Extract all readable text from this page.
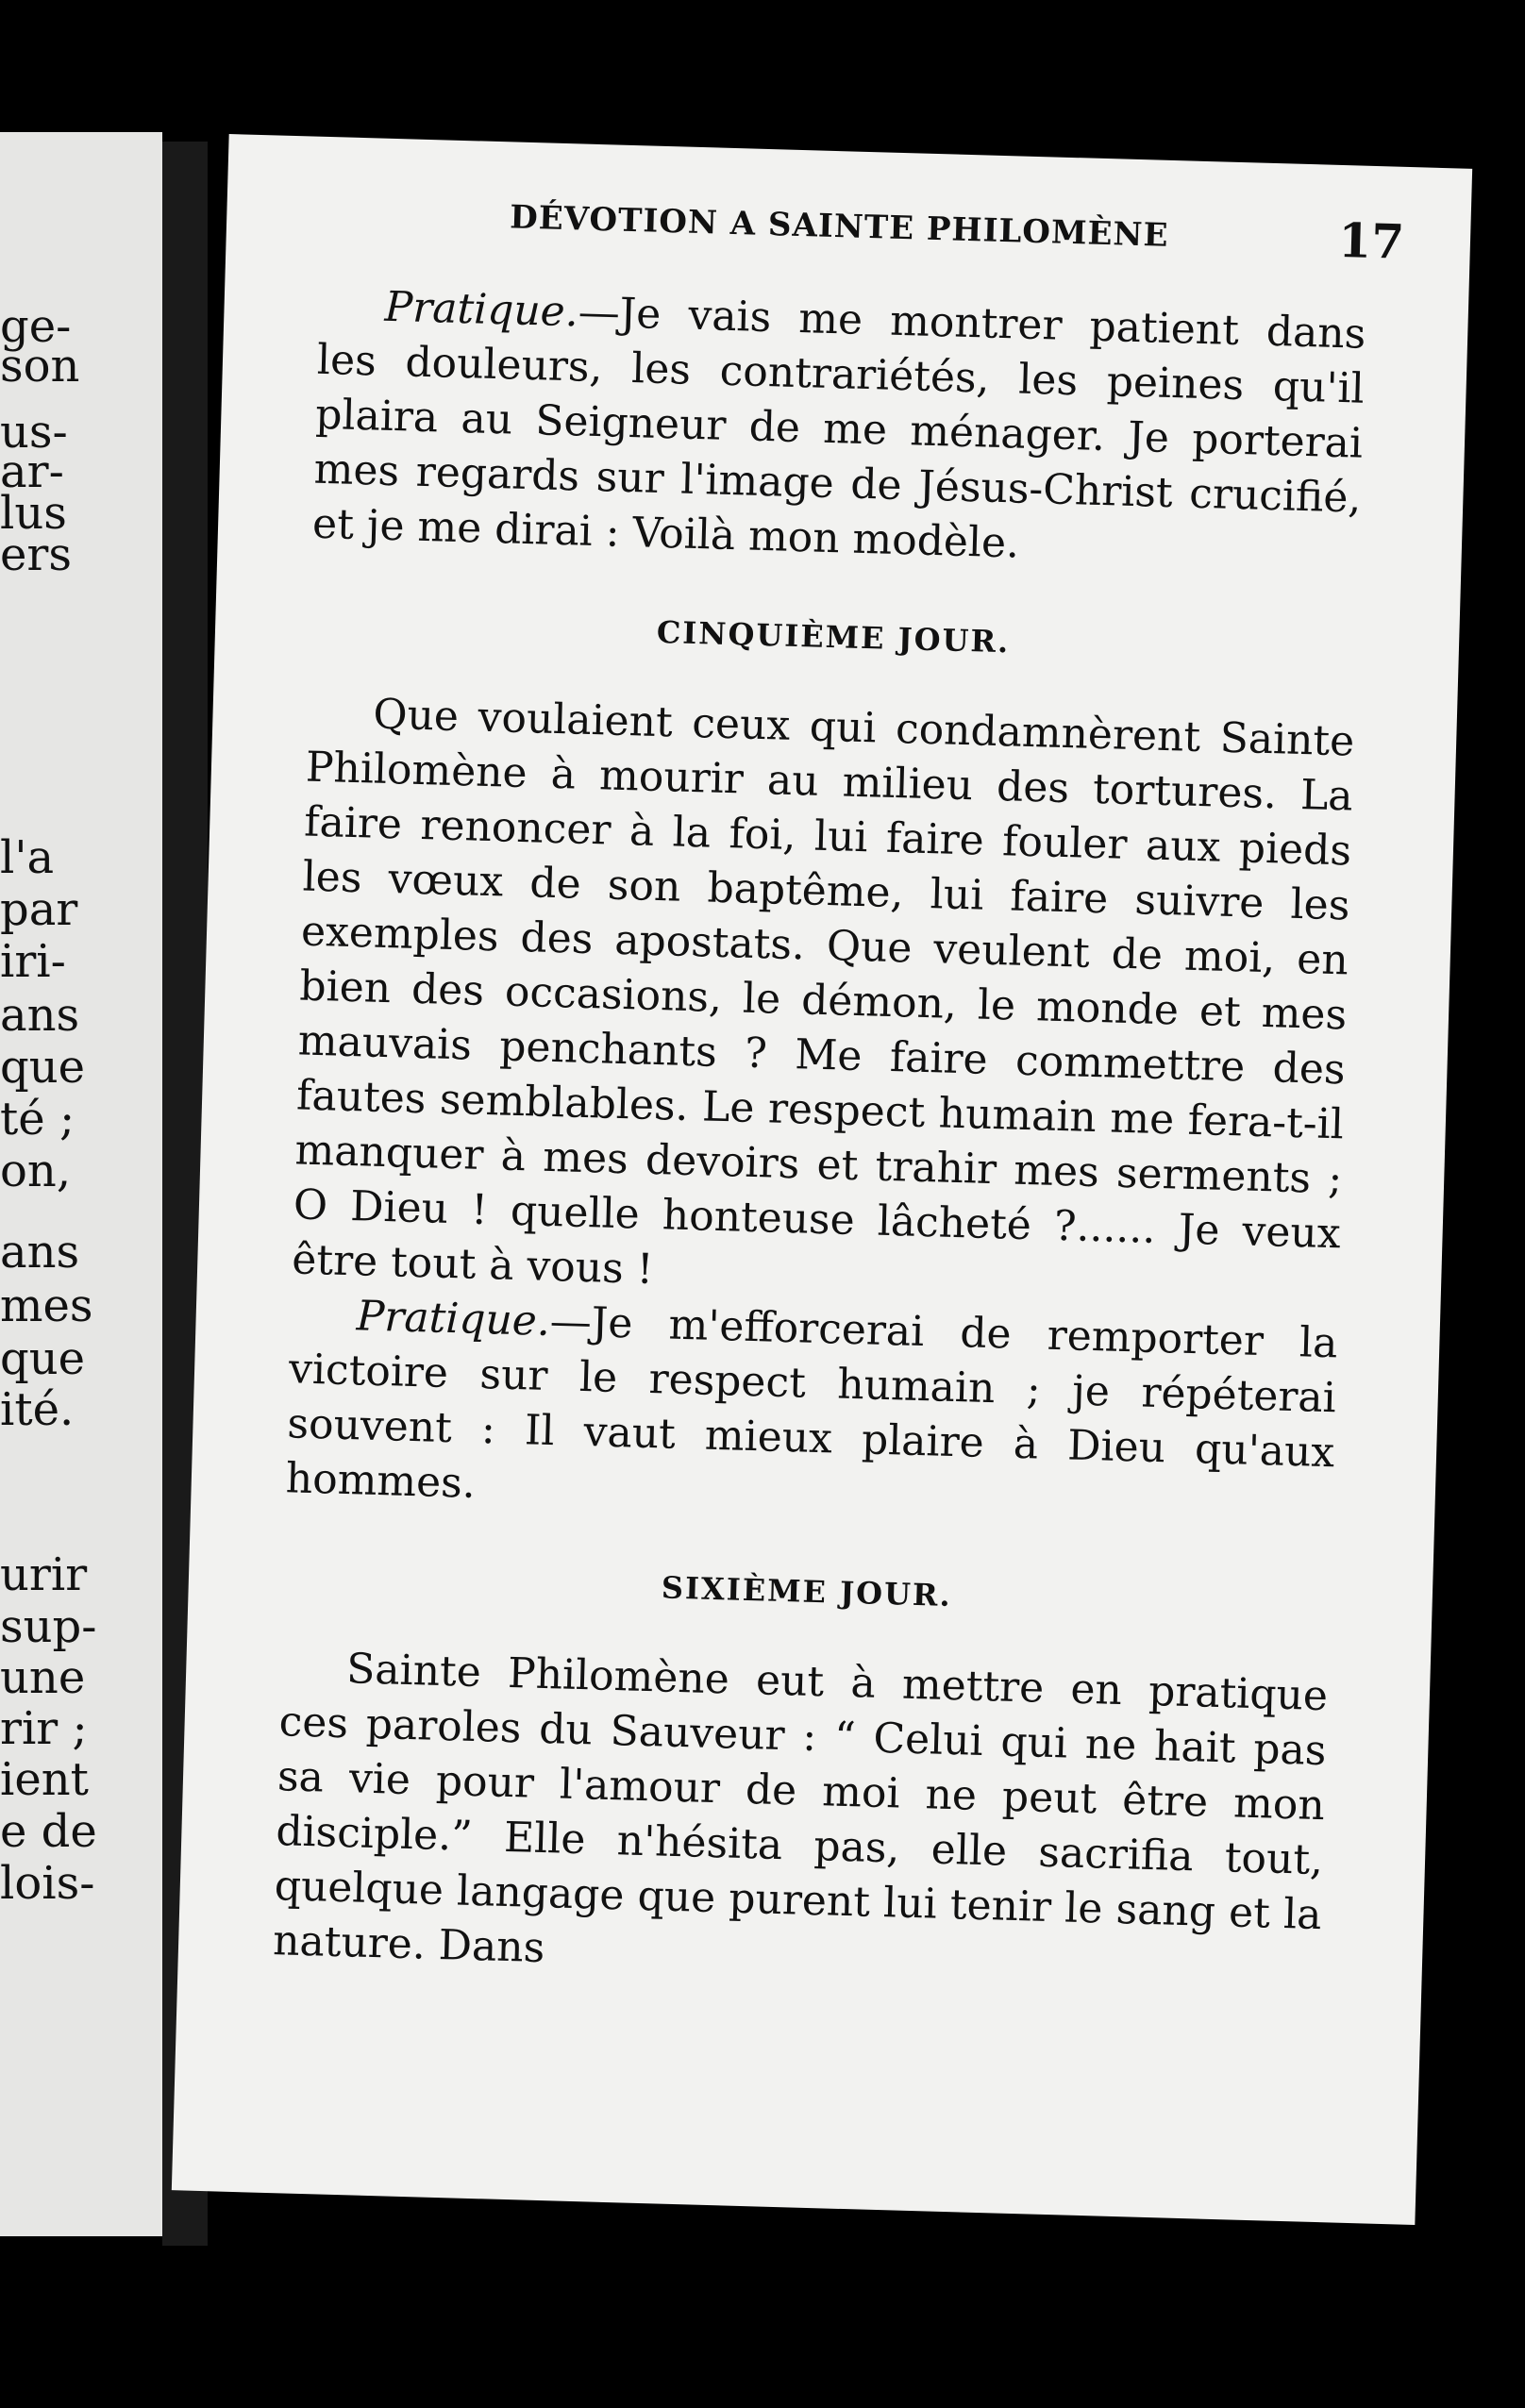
ge-
son
us-
ar-
lus
ers
l'a
par
iri-
ans
que
té ;
on,
ans
mes
que
ité.
urir
sup-
une
rir ;
ient
e de
lois-
DÉVOTION A SAINTE PHILOMÈNE	17

Pratique.—Je vais me montrer patient dans les douleurs, les contrariétés, les peines qu'il plaira au Seigneur de me ménager. Je porterai mes regards sur l'image de Jésus-Christ crucifié, et je me dirai : Voilà mon modèle.

CINQUIÈME JOUR.

Que voulaient ceux qui condamnèrent Sainte Philomène à mourir au milieu des tortures. La faire renoncer à la foi, lui faire fouler aux pieds les vœux de son baptême, lui faire suivre les exemples des apostats. Que veulent de moi, en bien des occasions, le démon, le monde et mes mauvais penchants ? Me faire commettre des fautes semblables. Le respect humain me fera-t-il manquer à mes devoirs et trahir mes serments ; O Dieu ! quelle honteuse lâcheté ?...... Je veux être tout à vous !

Pratique.—Je m'efforcerai de remporter la victoire sur le respect humain ; je répéterai souvent : Il vaut mieux plaire à Dieu qu'aux hommes.

SIXIÈME JOUR.

Sainte Philomène eut à mettre en pratique ces paroles du Sauveur : “ Celui qui ne hait pas sa vie pour l'amour de moi ne peut être mon disciple.” Elle n'hésita pas, elle sacrifia tout, quelque langage que purent lui tenir le sang et la nature. Dans
